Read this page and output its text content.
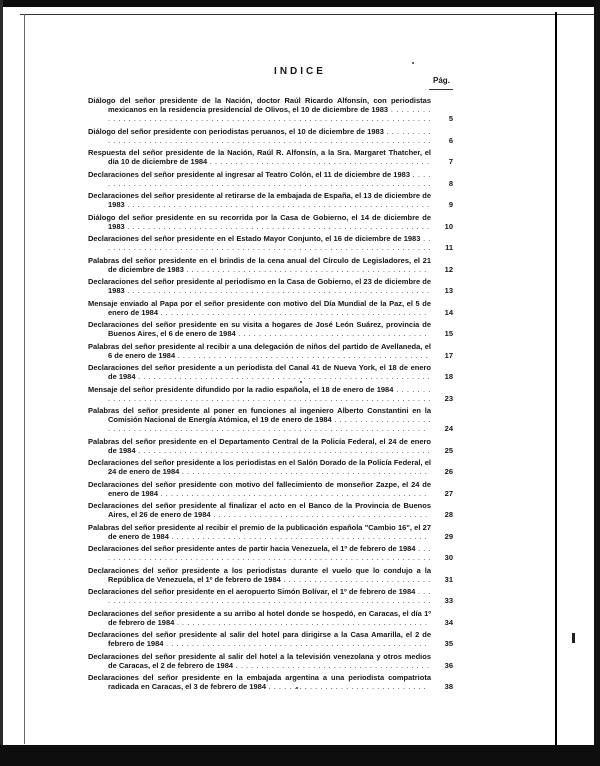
INDICE
Pág.
Diálogo del señor presidente de la Nación, doctor Raúl Ricardo Alfonsín, con periodistas mexicanos en la residencia presidencial de Olivos, el 10 de diciembre de 1983 . . . . . . . . . . . . . . . . . . . . . . . . . . . . . . . . . . . . . . . . . . . . . . . . . . . . . . . . . . . . . . . . . . . . . . .	5
Diálogo del señor presidente con periodistas peruanos, el 10 de diciembre de 1983 . . . . . . . . . . . . . . . . . . . . . . . . . . . . . . . . . . . . . . . . . . . . . . . . . . . . . . . . . . . . . . . . . . . . . . . .	6
Respuesta del señor presidente de la Nación, Raúl R. Alfonsín, a la Sra. Margaret Thatcher, el día 10 de diciembre de 1984 . . . . . . . . . . . . . . . . . . . . . . . . . . . . . . . . . . . . . . . . . . .	7
Declaraciones del señor presidente al ingresar al Teatro Colón, el 11 de diciembre de 1983 . . . . . . . . . . . . . . . . . . . . . . . . . . . . . . . . . . . . . . . . . . . . . . . . . . . . . . . . . . . . . . . . . . .	8
Declaraciones del señor presidente al retirarse de la embajada de España, el 13 de diciembre de 1983 . . . . . . . . . . . . . . . . . . . . . . . . . . . . . . . . . . . . . . . . . . . . . . . . . . . . . . . . . . .	9
Diálogo del señor presidente en su recorrida por la Casa de Gobierno, el 14 de diciembre de 1983 . . . . . . . . . . . . . . . . . . . . . . . . . . . . . . . . . . . . . . . . . . . . . . . . . . . . . . . . . . .	10
Declaraciones del señor presidente en el Estado Mayor Conjunto, el 16 de diciembre de 1983 . . . . . . . . . . . . . . . . . . . . . . . . . . . . . . . . . . . . . . . . . . . . . . . . . . . . . . . . . . . . . . . . .	11
Palabras del señor presidente en el brindis de la cena anual del Círculo de Legisladores, el 21 de diciembre de 1983 . . . . . . . . . . . . . . . . . . . . . . . . . . . . . . . . . . . . . . . . . . . . . . .	12
Declaraciones del señor presidente al periodismo en la Casa de Gobierno, el 23 de diciembre de 1983 . . . . . . . . . . . . . . . . . . . . . . . . . . . . . . . . . . . . . . . . . . . . . . . . . . . . . . . . . . .	13
Mensaje enviado al Papa por el señor presidente con motivo del Día Mundial de la Paz, el 5 de enero de 1984 . . . . . . . . . . . . . . . . . . . . . . . . . . . . . . . . . . . . . . . . . . . . . . . . . . . .	14
Declaraciones del señor presidente en su visita a hogares de José León Suárez, provincia de Buenos Aires, el 6 de enero de 1984 . . . . . . . . . . . . . . . . . . . . . . . . . . . . . . . . . . . . .	15
Palabras del señor presidente al recibir a una delegación de niños del partido de Avellaneda, el 6 de enero de 1984 . . . . . . . . . . . . . . . . . . . . . . . . . . . . . . . . . . . . . . . . . . . . . . . . .	17
Declaraciones del señor presidente a un periodista del Canal 41 de Nueva York, el 18 de enero de 1984 . . . . . . . . . . . . . . . . . . . . . . . . . . . . . . . . . . . . . . . . . . . . . . . . . . . . . . . . .	18
Mensaje del señor presidente difundido por la radio española, el 18 de enero de 1984 . . . . . . . . . . . . . . . . . . . . . . . . . . . . . . . . . . . . . . . . . . . . . . . . . . . . . . . . . . . . . . . . . . . . . .	23
Palabras del señor presidente al poner en funciones al ingeniero Alberto Constantini en la Comisión Nacional de Energía Atómica, el 19 de enero de 1984 . . . . . . . . . . . . . . . . . . . . . . . . . . . . . . . . . . . . . . . . . . . . . . . . . . . . . . . . . . . . . . . . . . . . . . . . . . . . . . . . .	24
Palabras del señor presidente en el Departamento Central de la Policía Federal, el 24 de enero de 1984 . . . . . . . . . . . . . . . . . . . . . . . . . . . . . . . . . . . . . . . . . . . . . . . . . . . . . . . . .	25
Declaraciones del señor presidente a los periodistas en el Salón Dorado de la Policía Federal, el 24 de enero de 1984 . . . . . . . . . . . . . . . . . . . . . . . . . . . . . . . . . . . . . . . . . . . . . . . .	26
Declaraciones del señor presidente con motivo del fallecimiento de monseñor Zazpe, el 24 de enero de 1984 . . . . . . . . . . . . . . . . . . . . . . . . . . . . . . . . . . . . . . . . . . . . . . . . . . . .	27
Declaraciones del señor presidente al finalizar el acto en el Banco de la Provincia de Buenos Aires, el 26 de enero de 1984 . . . . . . . . . . . . . . . . . . . . . . . . . . . . . . . . . . . . . . . . . .	28
Palabras del señor presidente al recibir el premio de la publicación española "Cambio 16", el 27 de enero de 1984 . . . . . . . . . . . . . . . . . . . . . . . . . . . . . . . . . . . . . . . . . . . . . . . . . .	29
Declaraciones del señor presidente antes de partir hacia Venezuela, el 1º de febrero de 1984 . . . . . . . . . . . . . . . . . . . . . . . . . . . . . . . . . . . . . . . . . . . . . . . . . . . . . . . . . . . . . . . . . .	30
Declaraciones del señor presidente a los periodistas durante el vuelo que lo condujo a la República de Venezuela, el 1º de febrero de 1984 . . . . . . . . . . . . . . . . . . . . . . . . . . . . .	31
Declaraciones del señor presidente en el aeropuerto Simón Bolívar, el 1º de febrero de 1984 . . . . . . . . . . . . . . . . . . . . . . . . . . . . . . . . . . . . . . . . . . . . . . . . . . . . . . . . . . . . . . . . . .	33
Declaraciones del señor presidente a su arribo al hotel donde se hospedó, en Caracas, el día 1º de febrero de 1984 . . . . . . . . . . . . . . . . . . . . . . . . . . . . . . . . . . . . . . . . . . . . . . . . .	34
Declaraciones del señor presidente al salir del hotel para dirigirse a la Casa Amarilla, el 2 de febrero de 1984 . . . . . . . . . . . . . . . . . . . . . . . . . . . . . . . . . . . . . . . . . . . . . . . . . . .	35
Declaraciones del señor presidente al salir del hotel a la televisión venezolana y otros medios de Caracas, el 2 de febrero de 1984 . . . . . . . . . . . . . . . . . . . . . . . . . . . . . . . . . . . . . .	36
Declaraciones del señor presidente en la embajada argentina a una periodista compatriota radicada en Caracas, el 3 de febrero de 1984 . . . . . . . . . . . . . . . . . . . . . . . . . . . . . . .	38
